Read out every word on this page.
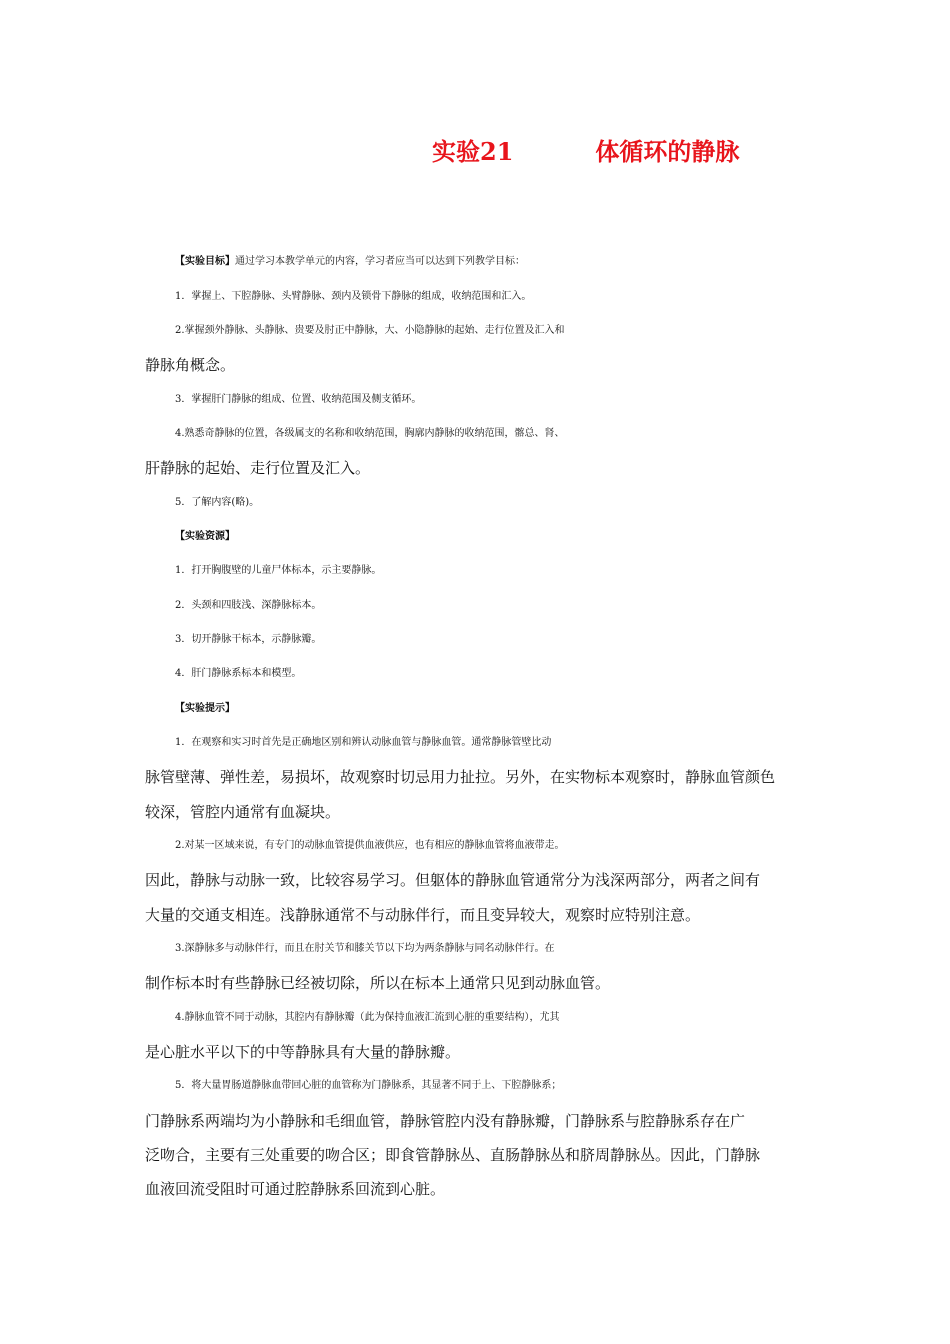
实验21	体循环的静脉
【实验目标】通过学习本教学单元的内容，学习者应当可以达到下列教学目标：
1．掌握上、下腔静脉、头臂静脉、颈内及锁骨下静脉的组成，收纳范围和汇入。
2.掌握颈外静脉、头静脉、贵要及肘正中静脉，大、小隐静脉的起始、走行位置及汇入和
静脉角概念。
3．掌握肝门静脉的组成、位置、收纳范围及侧支循环。
4.熟悉奇静脉的位置，各级属支的名称和收纳范围，胸廓内静脉的收纳范围，髂总、肾、
肝静脉的起始、走行位置及汇入。
5．了解内容(略)。
【实验资源】
1．打开胸腹壁的儿童尸体标本，示主要静脉。
2．头颈和四肢浅、深静脉标本。
3．切开静脉干标本，示静脉瓣。
4．肝门静脉系标本和模型。
【实验提示】
1．在观察和实习时首先是正确地区别和辨认动脉血管与静脉血管。通常静脉管壁比动
脉管壁薄、弹性差，易损坏，故观察时切忌用力扯拉。另外，在实物标本观察时，静脉血管颜色
较深，管腔内通常有血凝块。
2.对某一区域来说，有专门的动脉血管提供血液供应，也有相应的静脉血管将血液带走。
因此，静脉与动脉一致，比较容易学习。但躯体的静脉血管通常分为浅深两部分，两者之间有
大量的交通支相连。浅静脉通常不与动脉伴行，而且变异较大，观察时应特别注意。
3.深静脉多与动脉伴行，而且在肘关节和膝关节以下均为两条静脉与同名动脉伴行。在
制作标本时有些静脉已经被切除，所以在标本上通常只见到动脉血管。
4.静脉血管不同于动脉，其腔内有静脉瓣（此为保持血液汇流到心脏的重要结构），尤其
是心脏水平以下的中等静脉具有大量的静脉瓣。
5．将大量胃肠道静脉血带回心脏的血管称为门静脉系，其显著不同于上、下腔静脉系；
门静脉系两端均为小静脉和毛细血管，静脉管腔内没有静脉瓣，门静脉系与腔静脉系存在广
泛吻合，主要有三处重要的吻合区；即食管静脉丛、直肠静脉丛和脐周静脉丛。因此，门静脉
血液回流受阻时可通过腔静脉系回流到心脏。
